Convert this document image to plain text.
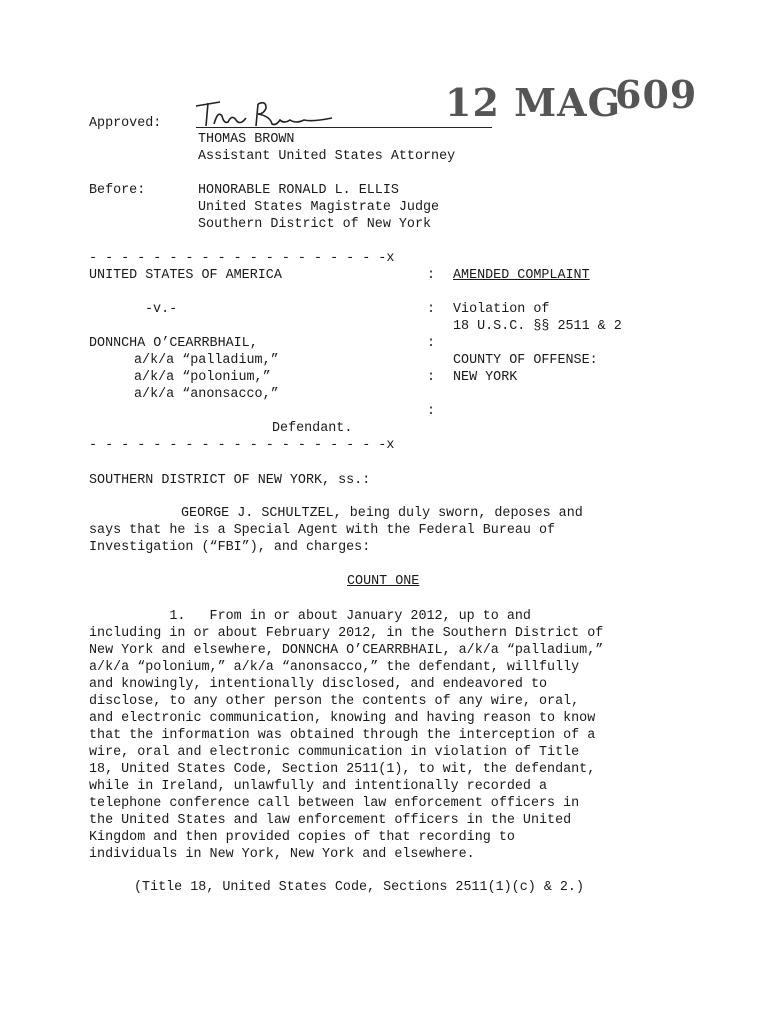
12 MAG
609
Approved:
THOMAS BROWN
Assistant United States Attorney
Before:	HONORABLE RONALD L. ELLIS
United States Magistrate Judge
Southern District of New York
- - - - - - - - - - - - - - - - - - -x
UNITED STATES OF AMERICA
-v.-
DONNCHA O’CEARRBHAIL,
a/k/a “palladium,”
a/k/a “polonium,”
a/k/a “anonsacco,”
Defendant.
- - - - - - - - - - - - - - - - - - -x
:
:
:
:
:
AMENDED COMPLAINT
Violation of
18 U.S.C. §§ 2511 & 2
COUNTY OF OFFENSE:
NEW YORK
SOUTHERN DISTRICT OF NEW YORK, ss.:
GEORGE J. SCHULTZEL, being duly sworn, deposes and
says that he is a Special Agent with the Federal Bureau of
Investigation (“FBI”), and charges:
COUNT ONE
1.   From in or about January 2012, up to and
including in or about February 2012, in the Southern District of
New York and elsewhere, DONNCHA O’CEARRBHAIL, a/k/a “palladium,”
a/k/a “polonium,” a/k/a “anonsacco,” the defendant, willfully
and knowingly, intentionally disclosed, and endeavored to
disclose, to any other person the contents of any wire, oral,
and electronic communication, knowing and having reason to know
that the information was obtained through the interception of a
wire, oral and electronic communication in violation of Title
18, United States Code, Section 2511(1), to wit, the defendant,
while in Ireland, unlawfully and intentionally recorded a
telephone conference call between law enforcement officers in
the United States and law enforcement officers in the United
Kingdom and then provided copies of that recording to
individuals in New York, New York and elsewhere.
(Title 18, United States Code, Sections 2511(1)(c) & 2.)
